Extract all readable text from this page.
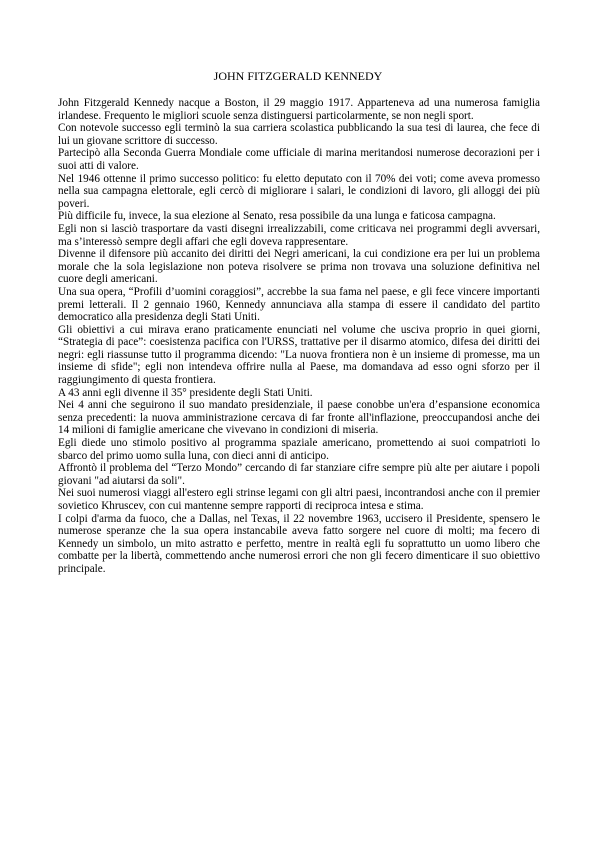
JOHN FITZGERALD KENNEDY

John Fitzgerald Kennedy nacque a Boston, il 29 maggio 1917. Apparteneva ad una numerosa famiglia irlandese. Frequento le migliori scuole senza distinguersi particolarmente, se non negli sport.

Con notevole successo egli terminò la sua carriera scolastica pubblicando la sua tesi di laurea, che fece di lui un giovane scrittore di successo.

Partecipò alla Seconda Guerra Mondiale come ufficiale di marina meritandosi numerose decorazioni per i suoi atti di valore.

Nel 1946 ottenne il primo successo politico: fu eletto deputato con il 70% dei voti; come aveva promesso nella sua campagna elettorale, egli cercò di migliorare i salari, le condizioni di lavoro, gli alloggi dei più poveri.

Più difficile fu, invece, la sua elezione al Senato, resa possibile da una lunga e faticosa campagna.

Egli non si lasciò trasportare da vasti disegni irrealizzabili, come criticava nei programmi degli avversari, ma s’interessò sempre degli affari che egli doveva rappresentare.

Divenne il difensore più accanito dei diritti dei Negri americani, la cui condizione era per lui un problema morale che la sola legislazione non poteva risolvere se prima non trovava una soluzione definitiva nel cuore degli americani.

Una sua opera, “Profili d’uomini coraggiosi”, accrebbe la sua fama nel paese, e gli fece vincere importanti premi letterali. Il 2 gennaio 1960, Kennedy annunciava alla stampa di essere il candidato del partito democratico alla presidenza degli Stati Uniti.

Gli obiettivi a cui mirava erano praticamente enunciati nel volume che usciva proprio in quei giorni, “Strategia di pace”: coesistenza pacifica con l'URSS, trattative per il disarmo atomico, difesa dei diritti dei negri: egli riassunse tutto il programma dicendo: "La nuova frontiera non è un insieme di promesse, ma un insieme di sfide"; egli non intendeva offrire nulla al Paese, ma domandava ad esso ogni sforzo per il raggiungimento di questa frontiera.

A 43 anni egli divenne il 35° presidente degli Stati Uniti.

Nei 4 anni che seguirono il suo mandato presidenziale, il paese conobbe un'era d’espansione economica senza precedenti: la nuova amministrazione cercava di far fronte all'inflazione, preoccupandosi anche dei 14 milioni di famiglie americane che vivevano in condizioni di miseria.

Egli diede uno stimolo positivo al programma spaziale americano, promettendo ai suoi compatrioti lo sbarco del primo uomo sulla luna, con dieci anni di anticipo.

Affrontò il problema del “Terzo Mondo” cercando di far stanziare cifre sempre più alte per aiutare i popoli giovani "ad aiutarsi da soli".

Nei suoi numerosi viaggi all'estero egli strinse legami con gli altri paesi, incontrandosi anche con il premier sovietico Khruscev, con cui mantenne sempre rapporti di reciproca intesa e stima.

I colpi d'arma da fuoco, che a Dallas, nel Texas, il 22 novembre 1963, uccisero il Presidente, spensero le numerose speranze che la sua opera instancabile aveva fatto sorgere nel cuore di molti; ma fecero di Kennedy un simbolo, un mito astratto e perfetto, mentre in realtà egli fu soprattutto un uomo libero che combatte per la libertà, commettendo anche numerosi errori che non gli fecero dimenticare il suo obiettivo principale.
